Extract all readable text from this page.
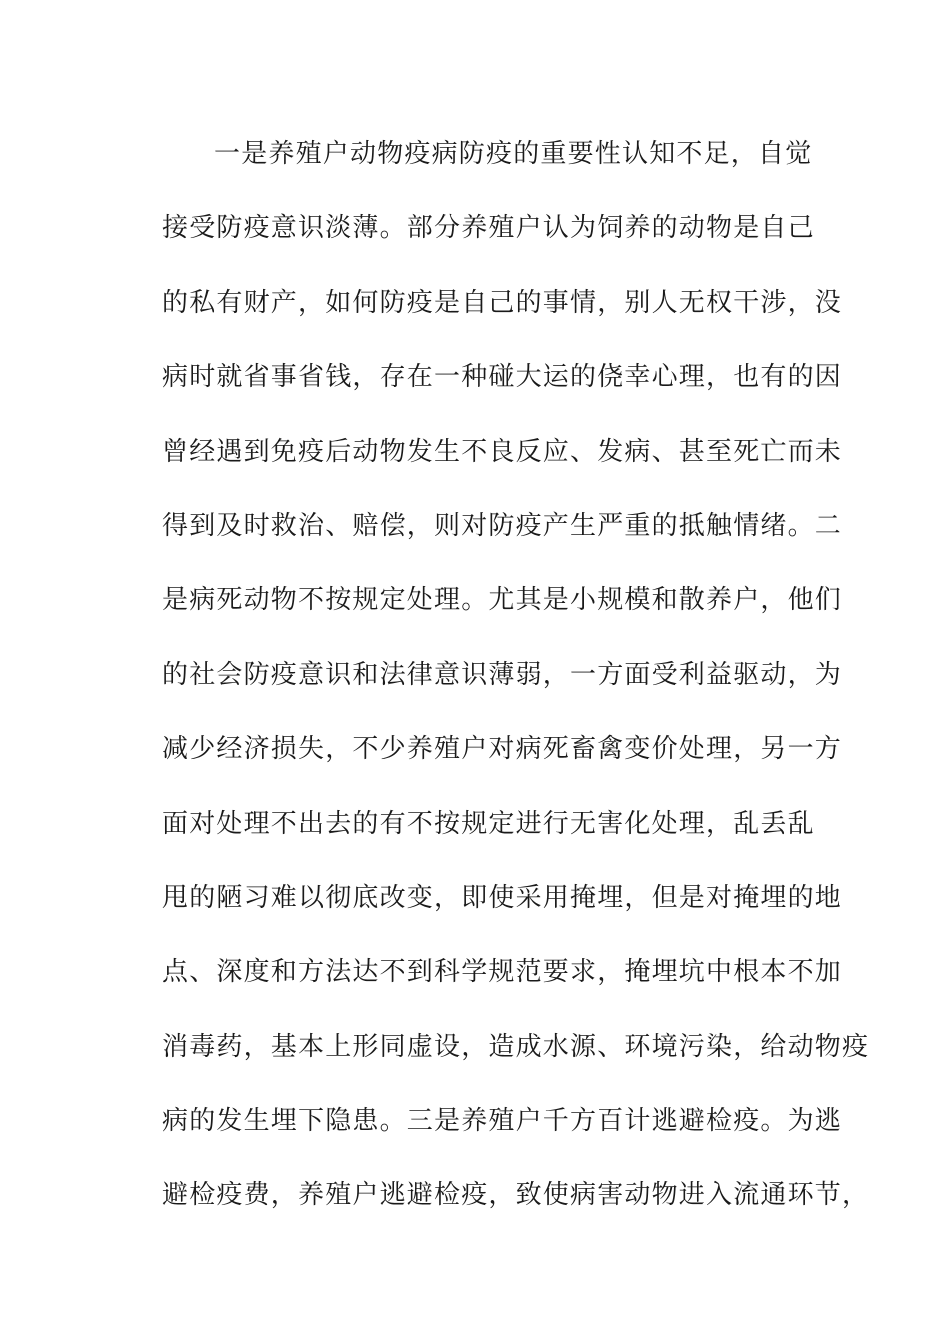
一是养殖户动物疫病防疫的重要性认知不足，自觉
接受防疫意识淡薄。部分养殖户认为饲养的动物是自己
的私有财产，如何防疫是自己的事情，别人无权干涉，没
病时就省事省钱，存在一种碰大运的侥幸心理，也有的因
曾经遇到免疫后动物发生不良反应、发病、甚至死亡而未
得到及时救治、赔偿，则对防疫产生严重的抵触情绪。二
是病死动物不按规定处理。尤其是小规模和散养户，他们
的社会防疫意识和法律意识薄弱，一方面受利益驱动，为
减少经济损失，不少养殖户对病死畜禽变价处理，另一方
面对处理不出去的有不按规定进行无害化处理，乱丢乱
甩的陋习难以彻底改变，即使采用掩埋，但是对掩埋的地
点、深度和方法达不到科学规范要求，掩埋坑中根本不加
消毒药，基本上形同虚设，造成水源、环境污染，给动物疫
病的发生埋下隐患。三是养殖户千方百计逃避检疫。为逃
避检疫费，养殖户逃避检疫，致使病害动物进入流通环节，
